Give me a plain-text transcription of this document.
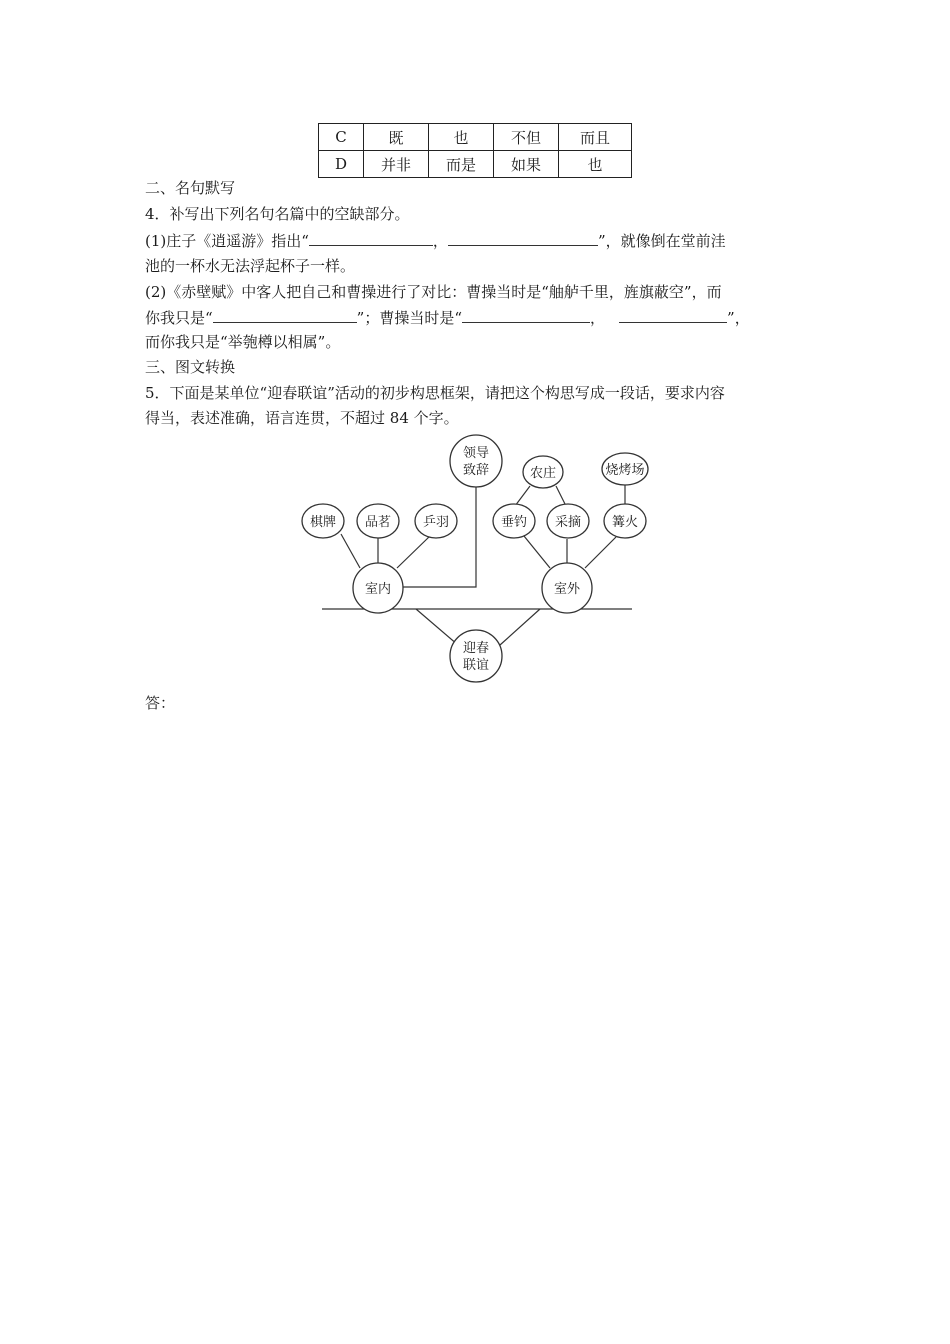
C	既	也	不但	而且
D	并非	而是	如果	也
二、名句默写
4．补写出下列名句名篇中的空缺部分。
(1)庄子《逍遥游》指出“	，	”，就像倒在堂前洼
池的一杯水无法浮起杯子一样。
(2)《赤壁赋》中客人把自己和曹操进行了对比：曹操当时是“舳舻千里，旌旗蔽空”，而
你我只是“	”；曹操当时是“	，	”，
而你我只是“举匏樽以相属”。
三、图文转换
5．下面是某单位“迎春联谊”活动的初步构思框架，请把这个构思写成一段话，要求内容
得当，表述准确，语言连贯，不超过 84 个字。
迎春
联谊
室内	室外
领导
致辞
棋牌 品茗 乒羽	垂钓 采摘 篝火
农庄	烧烤场
答：
